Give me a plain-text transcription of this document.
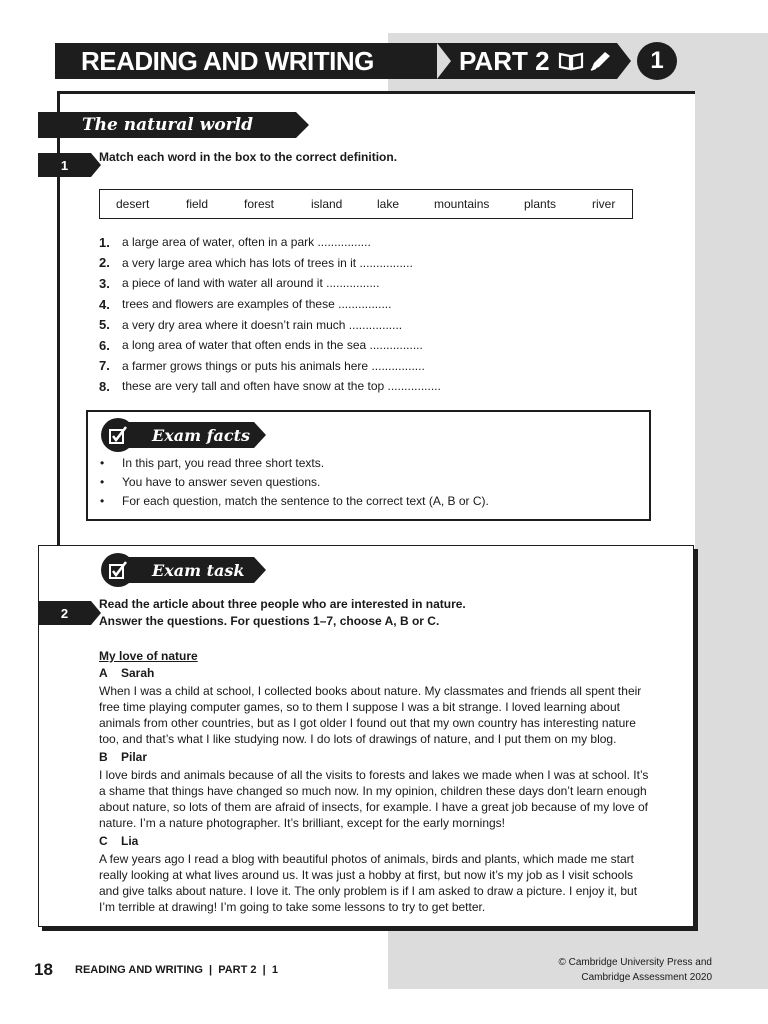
READING AND WRITING	PART 2	1
The natural world
1
Match each word in the box to the correct definition.
desert	field	forest	island	lake	mountains	plants	river
1.	a large area of water, often in a park ................
2.	a very large area which has lots of trees in it ................
3.	a piece of land with water all around it ................
4.	trees and flowers are examples of these ................
5.	a very dry area where it doesn’t rain much ................
6.	a long area of water that often ends in the sea ................
7.	a farmer grows things or puts his animals here ................
8.	these are very tall and often have snow at the top ................
Exam facts
• In this part, you read three short texts.
• You have to answer seven questions.
• For each question, match the sentence to the correct text (A, B or C).
Exam task
2
Read the article about three people who are interested in nature.
Answer the questions. For questions 1–7, choose A, B or C.
My love of nature
A Sarah

When I was a child at school, I collected books about nature. My classmates and friends all spent their free time playing computer games, so to them I suppose I was a bit strange. I loved learning about animals from other countries, but as I got older I found out that my own country has interesting nature too, and that’s what I like studying now. I do lots of drawings of nature, and I put them on my blog.

B Pilar

I love birds and animals because of all the visits to forests and lakes we made when I was at school. It’s a shame that things have changed so much now. In my opinion, children these days don’t learn enough about nature, so lots of them are afraid of insects, for example. I have a great job because of my love of nature. I’m a nature photographer. It’s brilliant, except for the early mornings!

C Lia

A few years ago I read a blog with beautiful photos of animals, birds and plants, which made me start really looking at what lives around us. It was just a hobby at first, but now it’s my job as I visit schools and give talks about nature. I love it. The only problem is if I am asked to draw a picture. I enjoy it, but I’m terrible at drawing! I’m going to take some lessons to try to get better.

18 READING AND WRITING  |  PART 2  |  1
© Cambridge University Press and
Cambridge Assessment 2020
